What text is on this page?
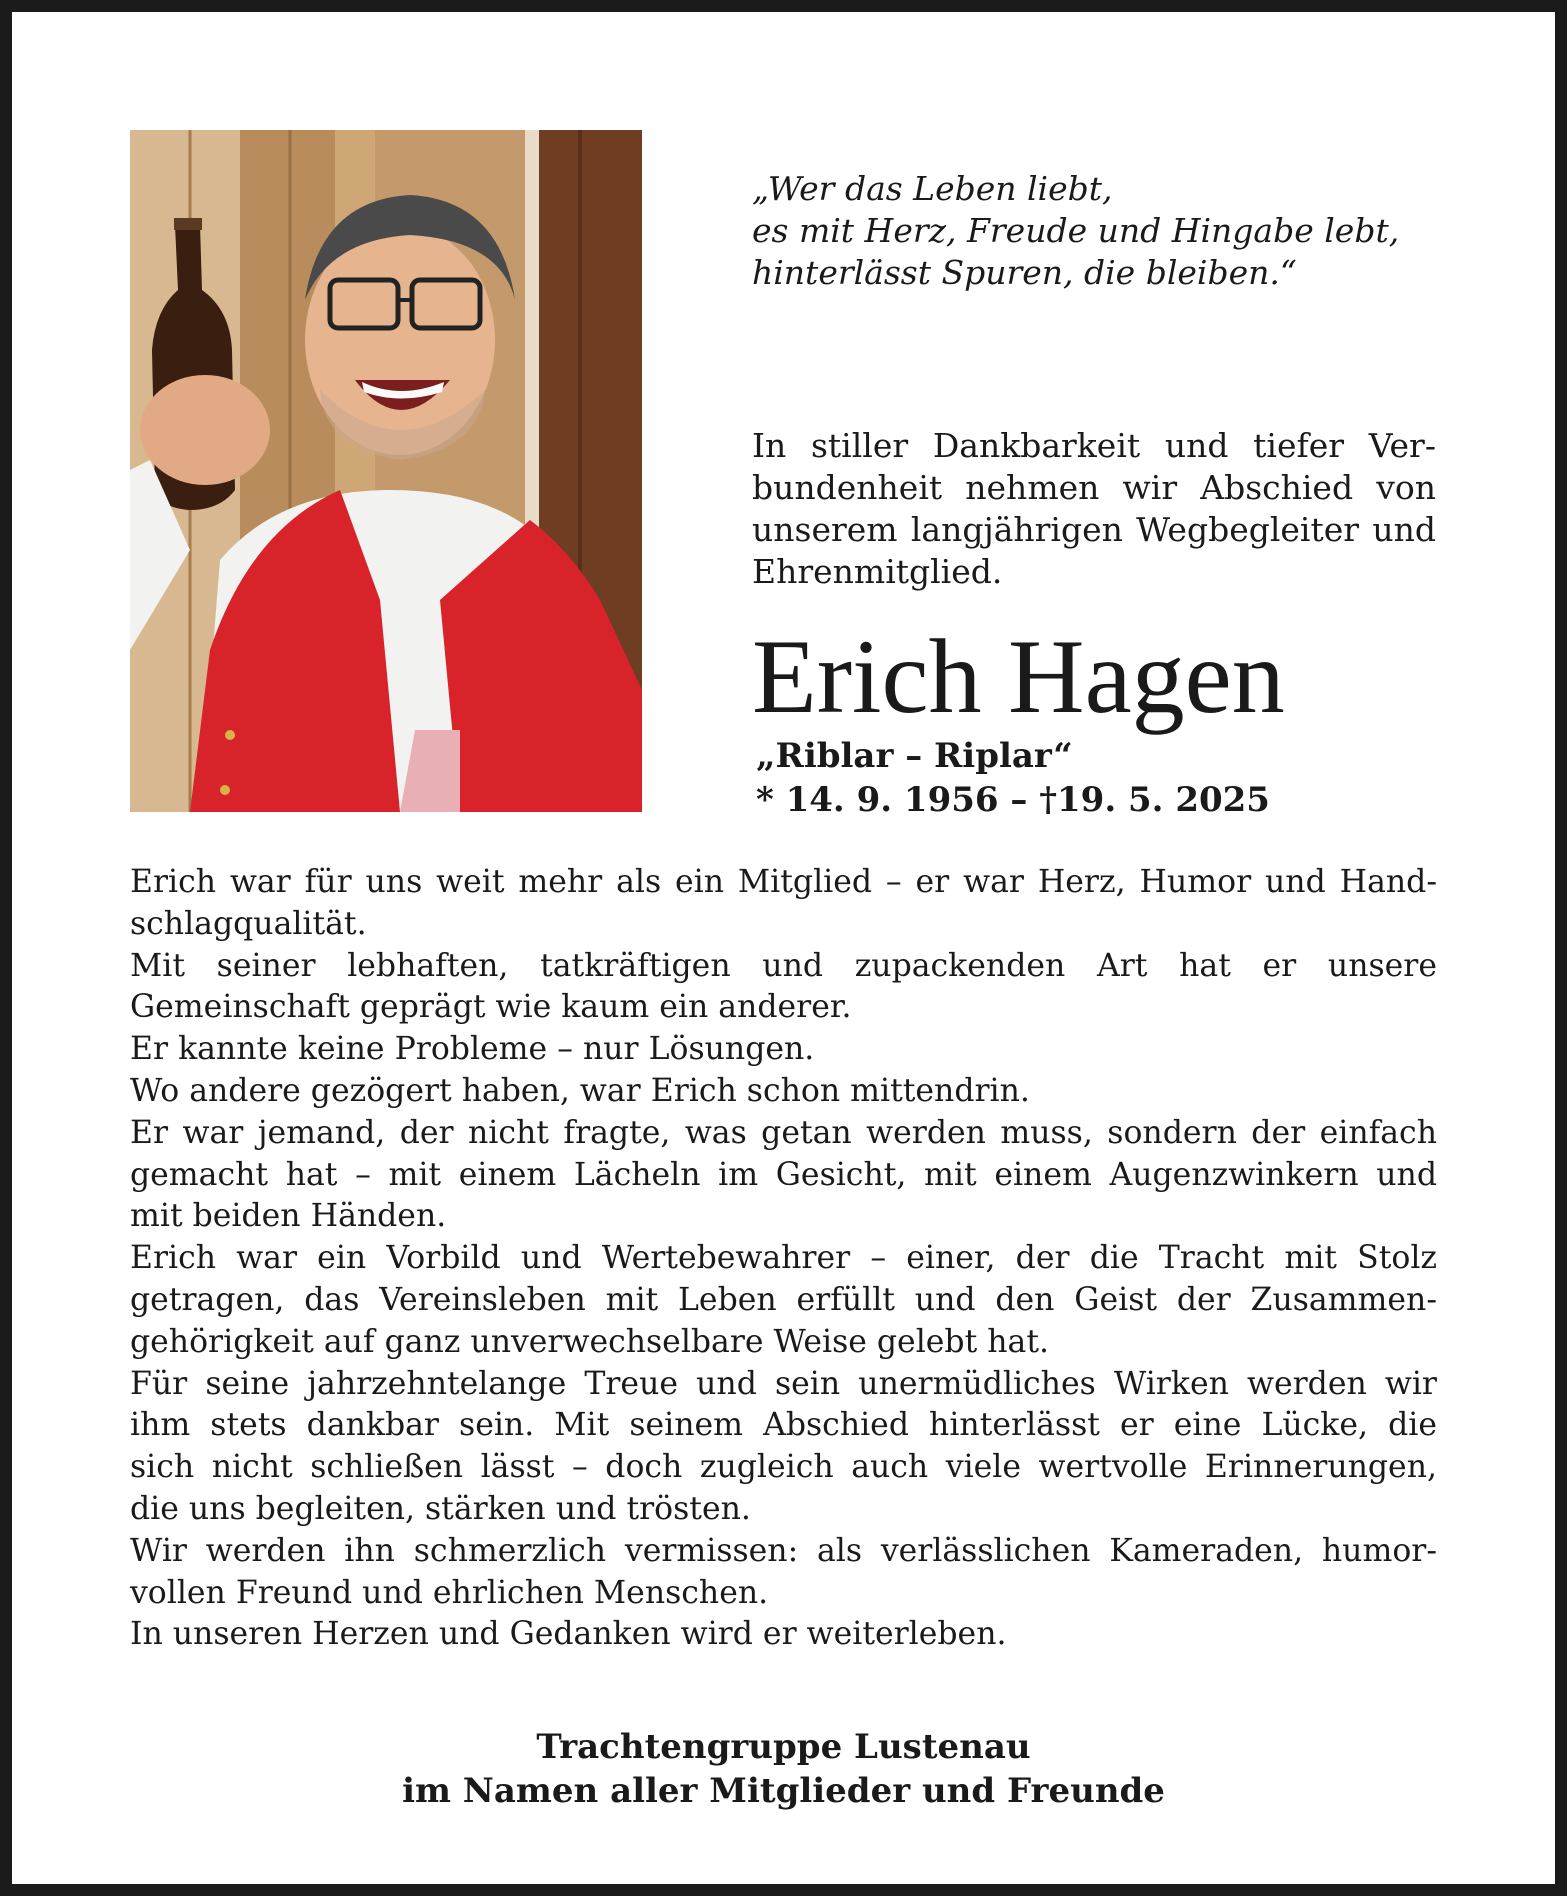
„Wer das Leben liebt,
es mit Herz, Freude und Hingabe lebt,
hinterlässt Spuren, die bleiben.“
In stiller Dankbarkeit und tiefer Verbundenheit nehmen wir Abschied von unserem langjährigen Wegbegleiter und Ehrenmitglied.
Erich Hagen
„Riblar – Riplar“
* 14. 9. 1956 – †19. 5. 2025
Erich war für uns weit mehr als ein Mitglied – er war Herz, Humor und Hand-
schlagqualität.
Mit seiner lebhaften, tatkräftigen und zupackenden Art hat er unsere
Gemeinschaft geprägt wie kaum ein anderer.
Er kannte keine Probleme – nur Lösungen.
Wo andere gezögert haben, war Erich schon mittendrin.
Er war jemand, der nicht fragte, was getan werden muss, sondern der einfach
gemacht hat – mit einem Lächeln im Gesicht, mit einem Augenzwinkern und
mit beiden Händen.
Erich war ein Vorbild und Wertebewahrer – einer, der die Tracht mit Stolz
getragen, das Vereinsleben mit Leben erfüllt und den Geist der Zusammen-
gehörigkeit auf ganz unverwechselbare Weise gelebt hat.
Für seine jahrzehntelange Treue und sein unermüdliches Wirken werden wir
ihm stets dankbar sein. Mit seinem Abschied hinterlässt er eine Lücke, die
sich nicht schließen lässt – doch zugleich auch viele wertvolle Erinnerungen,
die uns begleiten, stärken und trösten.
Wir werden ihn schmerzlich vermissen: als verlässlichen Kameraden, humor-
vollen Freund und ehrlichen Menschen.
In unseren Herzen und Gedanken wird er weiterleben.
Trachtengruppe Lustenau
im Namen aller Mitglieder und Freunde
